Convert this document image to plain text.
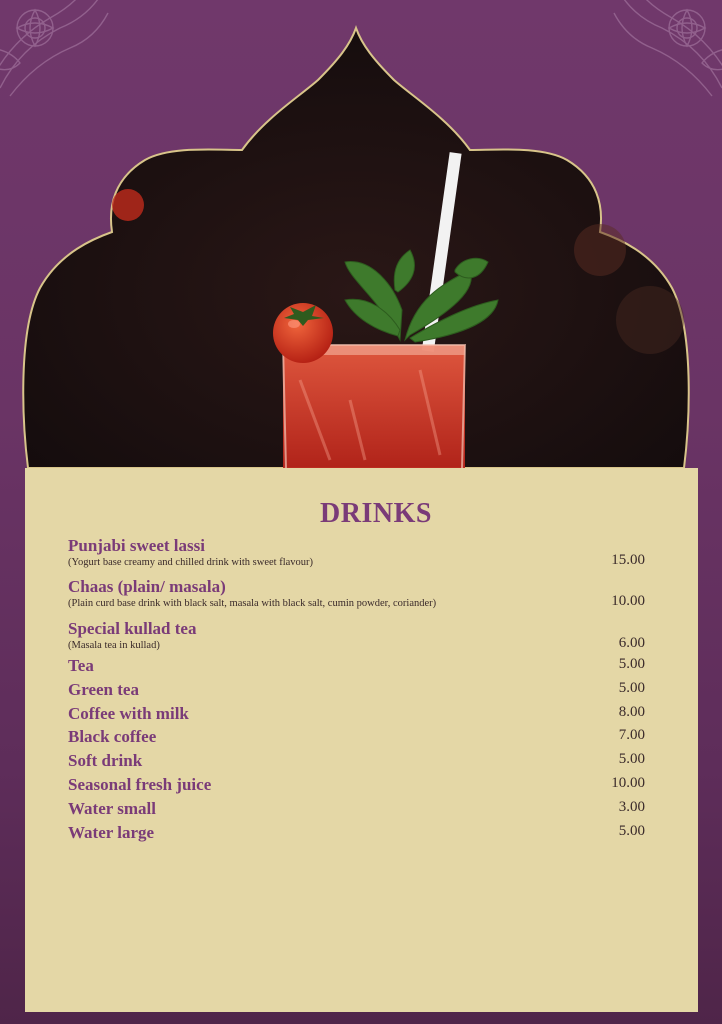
DRINKS
Punjabi sweet lassi
(Yogurt base creamy and chilled drink with sweet flavour)	15.00
Chaas (plain/ masala)
(Plain curd base drink with black salt, masala with black salt, cumin powder, coriander)	10.00
Special kullad tea
(Masala tea in kullad)	6.00
Tea	5.00
Green tea	5.00
Coffee with milk	8.00
Black coffee	7.00
Soft drink	5.00
Seasonal fresh juice	10.00
Water small	3.00
Water large	5.00
